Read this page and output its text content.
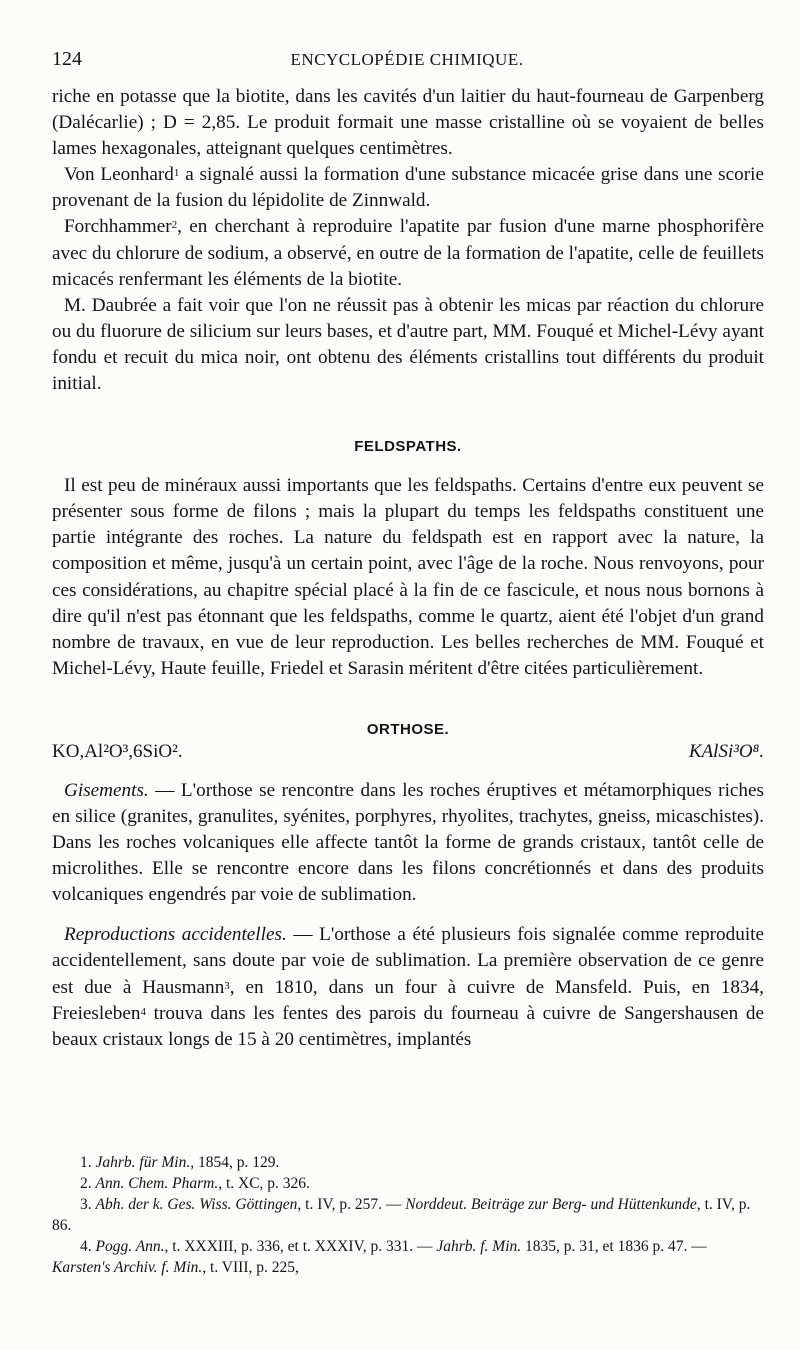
124	ENCYCLOPÉDIE CHIMIQUE.

riche en potasse que la biotite, dans les cavités d'un laitier du haut-fourneau de Garpenberg (Dalécarlie) ; D = 2,85. Le produit formait une masse cristalline où se voyaient de belles lames hexagonales, atteignant quelques centimètres.

Von Leonhard$^1$ a signalé aussi la formation d'une substance micacée grise dans une scorie provenant de la fusion du lépidolite de Zinnwald.

Forchhammer$^2$, en cherchant à reproduire l'apatite par fusion d'une marne phosphorifère avec du chlorure de sodium, a observé, en outre de la formation de l'apatite, celle de feuillets micacés renfermant les éléments de la biotite.

M. Daubrée a fait voir que l'on ne réussit pas à obtenir les micas par réaction du chlorure ou du fluorure de silicium sur leurs bases, et d'autre part, MM. Fouqué et Michel-Lévy ayant fondu et recuit du mica noir, ont obtenu des éléments cristallins tout différents du produit initial.

FELDSPATHS.

Il est peu de minéraux aussi importants que les feldspaths. Certains d'entre eux peuvent se présenter sous forme de filons ; mais la plupart du temps les feldspaths constituent une partie intégrante des roches. La nature du feldspath est en rapport avec la nature, la composition et même, jusqu'à un certain point, avec l'âge de la roche. Nous renvoyons, pour ces considérations, au chapitre spécial placé à la fin de ce fascicule, et nous nous bornons à dire qu'il n'est pas étonnant que les feldspaths, comme le quartz, aient été l'objet d'un grand nombre de travaux, en vue de leur reproduction. Les belles recherches de MM. Fouqué et Michel-Lévy, Haute feuille, Friedel et Sarasin méritent d'être citées particulièrement.

ORTHOSE.
KO,Al²O³,6SiO².	KAlSi³O⁸.

Gisements. — L'orthose se rencontre dans les roches éruptives et métamorphiques riches en silice (granites, granulites, syénites, porphyres, rhyolites, trachytes, gneiss, micaschistes). Dans les roches volcaniques elle affecte tantôt la forme de grands cristaux, tantôt celle de microlithes. Elle se rencontre encore dans les filons concrétionnés et dans des produits volcaniques engendrés par voie de sublimation.

Reproductions accidentelles. — L'orthose a été plusieurs fois signalée comme reproduite accidentellement, sans doute par voie de sublimation. La première observation de ce genre est due à Hausmann$^3$, en 1810, dans un four à cuivre de Mansfeld. Puis, en 1834, Freiesleben$^4$ trouva dans les fentes des parois du fourneau à cuivre de Sangershausen de beaux cristaux longs de 15 à 20 centimètres, implantés

1. Jahrb. für Min., 1854, p. 129.

2. Ann. Chem. Pharm., t. XC, p. 326.

3. Abh. der k. Ges. Wiss. Göttingen, t. IV, p. 257. — Norddeut. Beiträge zur Berg- und Hüttenkunde, t. IV, p. 86.

4. Pogg. Ann., t. XXXIII, p. 336, et t. XXXIV, p. 331. — Jahrb. f. Min. 1835, p. 31, et 1836 p. 47. — Karsten's Archiv. f. Min., t. VIII, p. 225,
